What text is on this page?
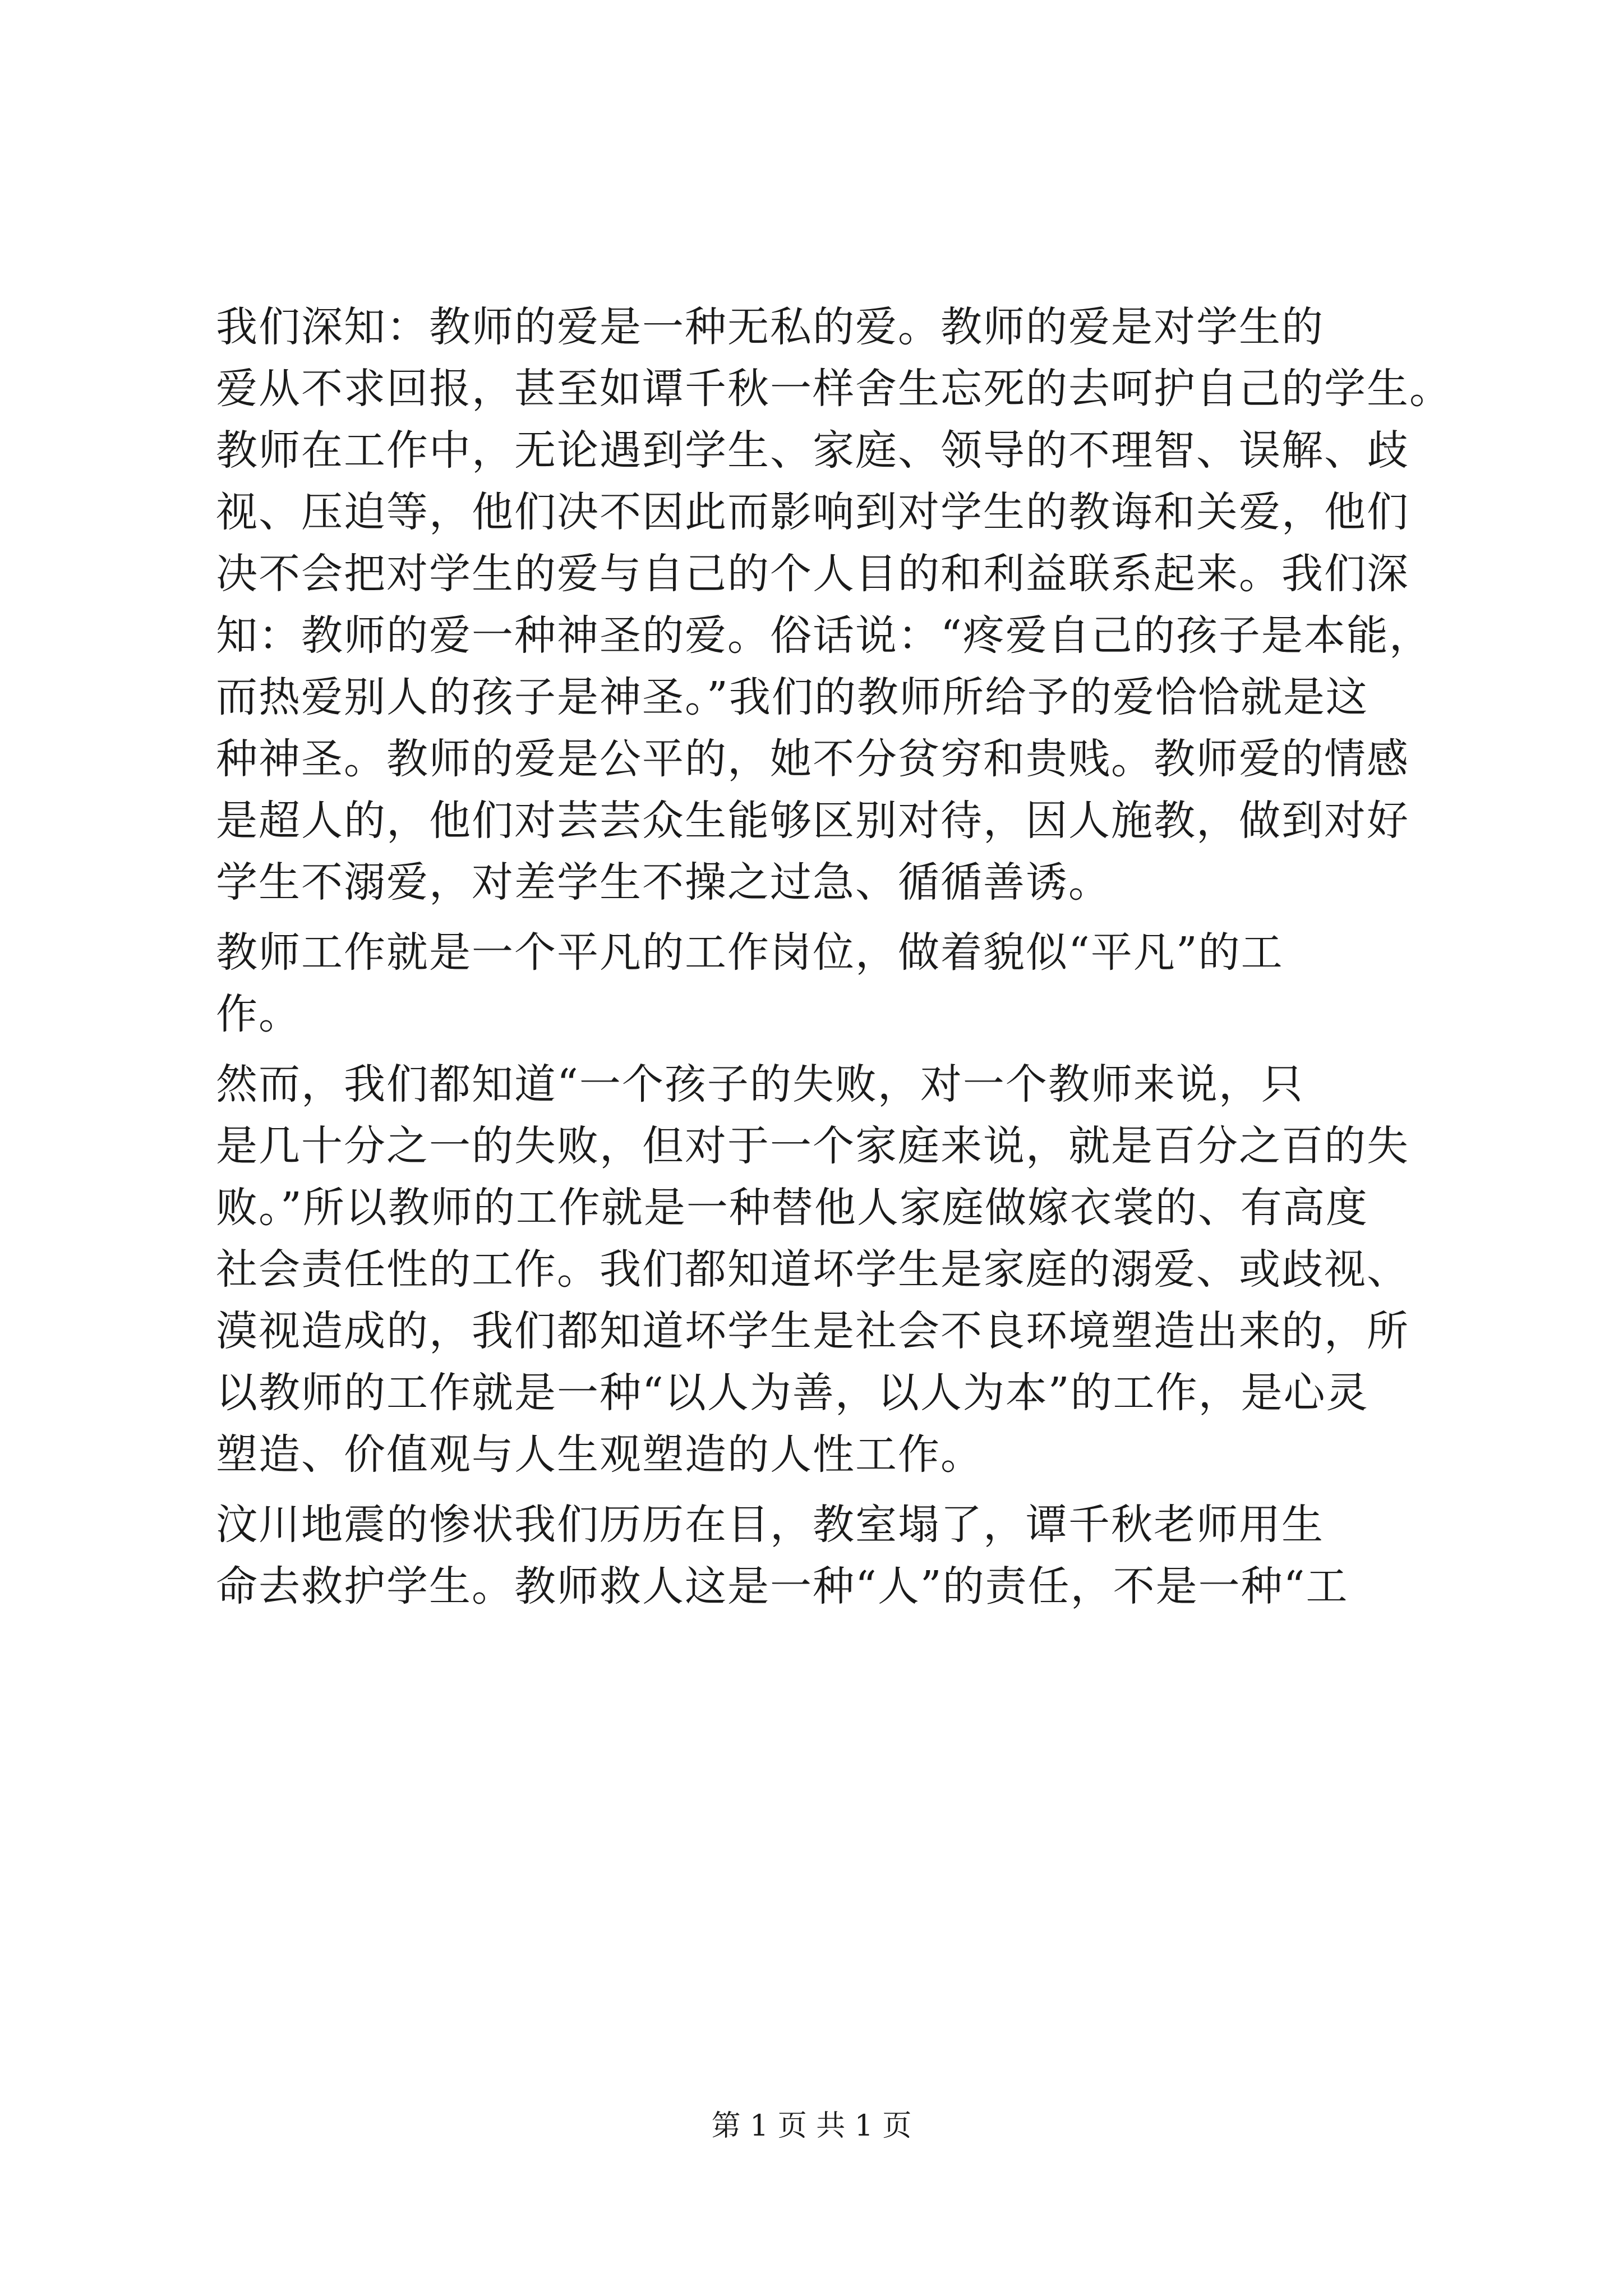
我们深知：教师的爱是一种无私的爱。教师的爱是对学生的
爱从不求回报，甚至如谭千秋一样舍生忘死的去呵护自己的学生。
教师在工作中，无论遇到学生、家庭、领导的不理智、误解、歧
视、压迫等，他们决不因此而影响到对学生的教诲和关爱，他们
决不会把对学生的爱与自己的个人目的和利益联系起来。我们深
知：教师的爱一种神圣的爱。俗话说：“疼爱自己的孩子是本能，
而热爱别人的孩子是神圣。”我们的教师所给予的爱恰恰就是这
种神圣。教师的爱是公平的，她不分贫穷和贵贱。教师爱的情感
是超人的，他们对芸芸众生能够区别对待，因人施教，做到对好
学生不溺爱，对差学生不操之过急、循循善诱。
教师工作就是一个平凡的工作岗位，做着貌似“平凡”的工
作。
然而，我们都知道“一个孩子的失败，对一个教师来说，只
是几十分之一的失败，但对于一个家庭来说，就是百分之百的失
败。”所以教师的工作就是一种替他人家庭做嫁衣裳的、有高度
社会责任性的工作。我们都知道坏学生是家庭的溺爱、或歧视、
漠视造成的，我们都知道坏学生是社会不良环境塑造出来的，所
以教师的工作就是一种“以人为善，以人为本”的工作，是心灵
塑造、价值观与人生观塑造的人性工作。
汶川地震的惨状我们历历在目，教室塌了，谭千秋老师用生
命去救护学生。教师救人这是一种“人”的责任，不是一种“工
第 1 页 共 1 页
